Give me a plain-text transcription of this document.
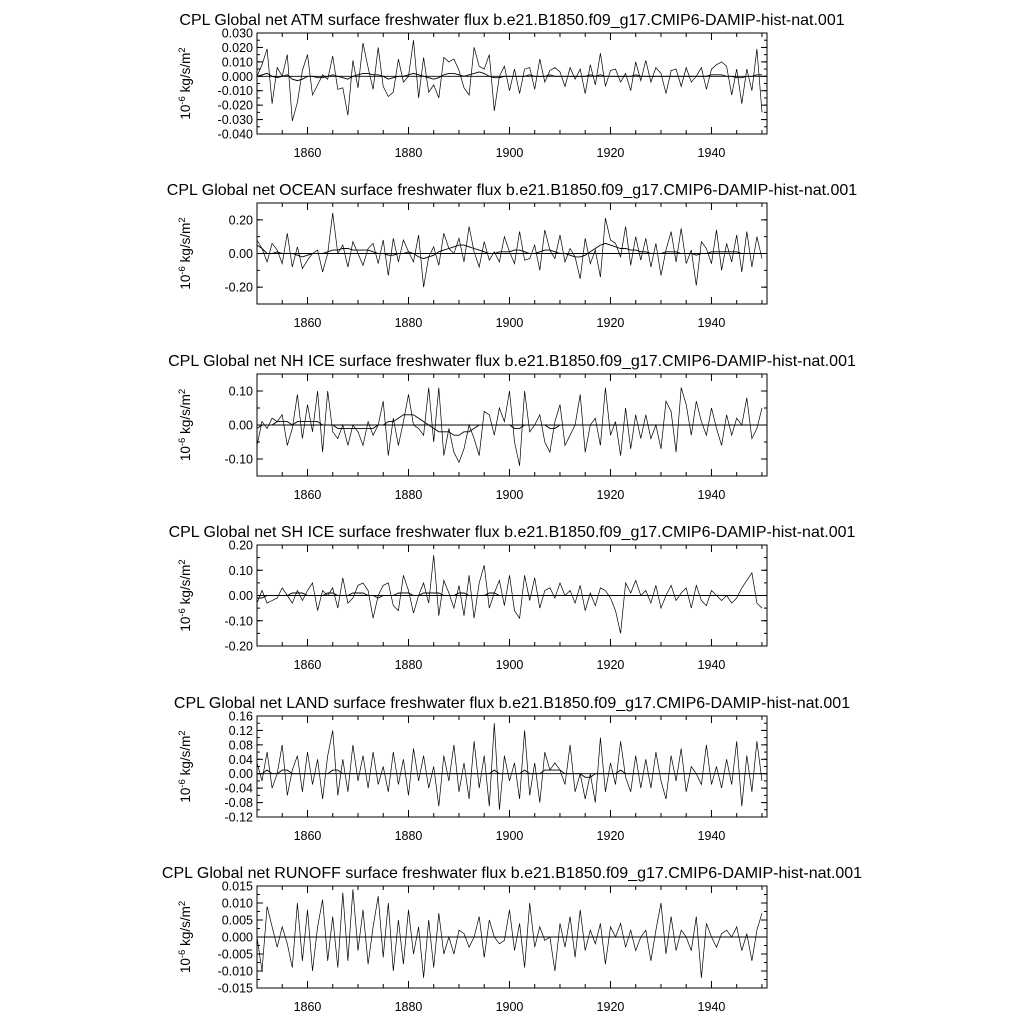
CPL Global net ATM surface freshwater flux b.e21.B1850.f09_g17.CMIP6-DAMIP-hist-nat.001
$10^{-6}$ $kg/s/m^2$
-0.040
-0.030
-0.020
-0.010
0.000
0.010
0.020
0.030
1860	1880	1900	1920	1940
CPL Global net OCEAN surface freshwater flux b.e21.B1850.f09_g17.CMIP6-DAMIP-hist-nat.001
$10^{-6}$ $kg/s/m^2$
-0.20
0.00
0.20
1860	1880	1900	1920	1940
CPL Global net NH ICE surface freshwater flux b.e21.B1850.f09_g17.CMIP6-DAMIP-hist-nat.001
$10^{-6}$ $kg/s/m^2$
-0.10
0.00
0.10
1860	1880	1900	1920	1940
CPL Global net SH ICE surface freshwater flux b.e21.B1850.f09_g17.CMIP6-DAMIP-hist-nat.001
$10^{-6}$ $kg/s/m^2$
-0.20
-0.10
0.00
0.10
0.20
1860	1880	1900	1920	1940
CPL Global net LAND surface freshwater flux b.e21.B1850.f09_g17.CMIP6-DAMIP-hist-nat.001
$10^{-6}$ $kg/s/m^2$
-0.12
-0.08
-0.04
0.00
0.04
0.08
0.12
0.16
1860	1880	1900	1920	1940
CPL Global net RUNOFF surface freshwater flux b.e21.B1850.f09_g17.CMIP6-DAMIP-hist-nat.001
$10^{-6}$ $kg/s/m^2$
-0.015
-0.010
-0.005
0.000
0.005
0.010
0.015
1860	1880	1900	1920	1940
